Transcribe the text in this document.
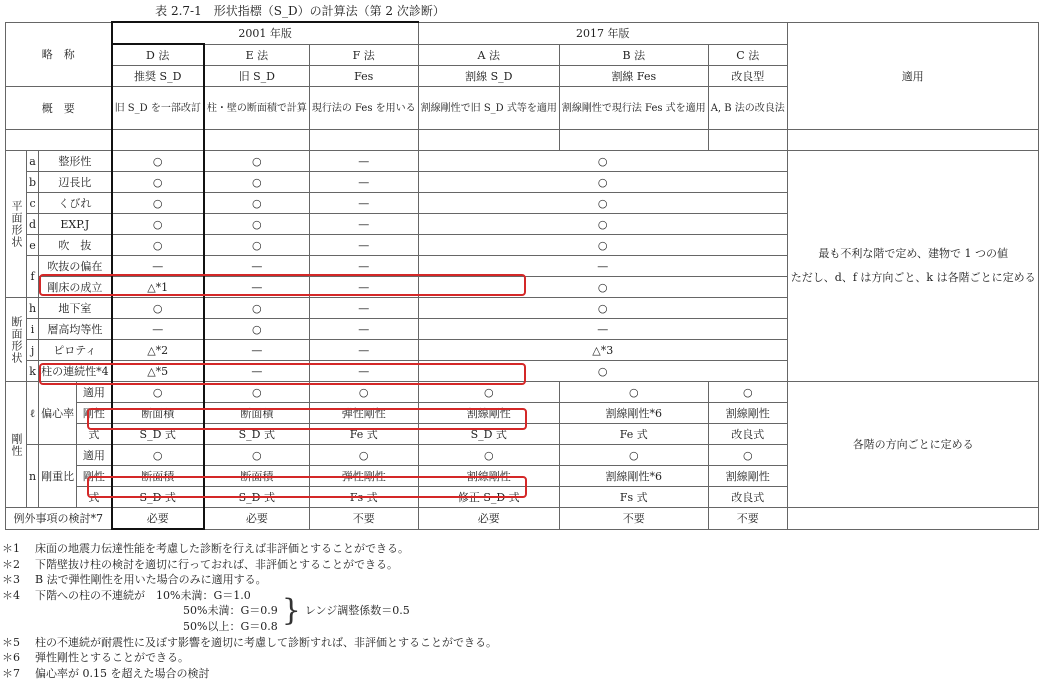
表 2.7-1　形状指標（S_D）の計算法（第 2 次診断）
略　称				2001 年版			2017 年版			適用
				D 法	E 法	F 法	A 法	B 法	C 法	
				推奨 S_D	旧 S_D	Fes	割線 S_D	割線 Fes	改良型	
概　要				旧 S_D を一部改訂	柱・壁の断面積で計算	現行法の Fes を用いる	割線剛性で旧 S_D 式等を適用	割線剛性で現行法 Fes 式を適用	A, B 法の改良法	

平面形状	a	整形性		○	○	—	○			最も不利な階で定め、建物で 1 つの値
ただし、d、f は方向ごと、k は各階ごとに定める

	b	辺長比		○	○	—	○			
	c	くびれ		○	○	—	○			
	d	EXP.J		○	○	—	○			
	e	吹　抜		○	○	—	○			
	f	吹抜の偏在		—	—	—	—			
		剛床の成立		△*1	—	—	○			
断面形状	h	地下室		○	○	—	○			
	i	層高均等性		—	○	—	—			
	j	ピロティ		△*2	—	—	△*3			
	k	柱の連続性*4		△*5	—	—	○			
剛性	ℓ	偏心率	適用	○	○	○	○	○	○	各階の方向ごとに定める
			剛性	断面積	断面積	弾性剛性	割線剛性	割線剛性*6	割線剛性	
			式	S_D 式	S_D 式	Fe 式	S_D 式	Fe 式	改良式	
	n	剛重比	適用	○	○	○	○	○	○	
			剛性	断面積	断面積	弾性剛性	割線剛性	割線剛性*6	割線剛性	
			式	S_D 式	S_D 式	Fs 式	修正 S_D 式	Fs 式	改良式	
例外事項の検討*7				必要	必要	不要	必要	不要	不要	
＊1	床面の地震力伝達性能を考慮した診断を行えば非評価とすることができる。
＊2	下階壁抜け柱の検討を適切に行っておれば、非評価とすることができる。
＊3	B 法で弾性剛性を用いた場合のみに適用する。
＊4	下階への柱の不連続が　10%未満：G＝1.0
50%未満：G＝0.9
50%以上：G＝0.8 } レンジ調整係数＝0.5
＊5	柱の不連続が耐震性に及ぼす影響を適切に考慮して診断すれば、非評価とすることができる。
＊6	弾性剛性とすることができる。
＊7	偏心率が 0.15 を超えた場合の検討
